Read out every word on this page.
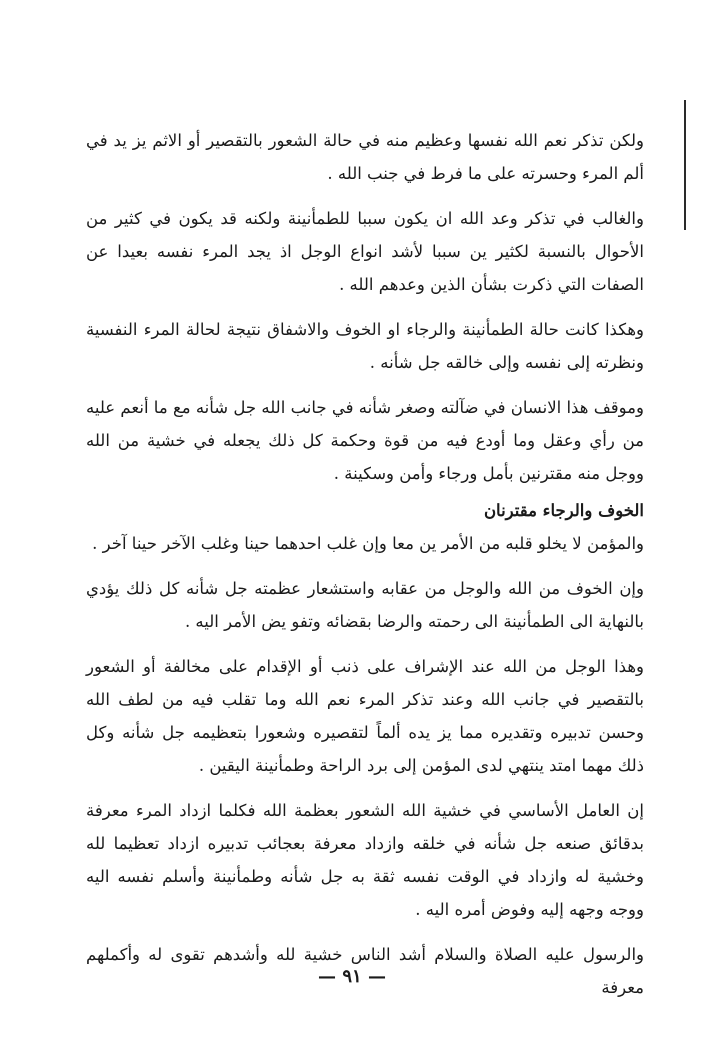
ولكن تذكر نعم الله نفسها وعظيم منه في حالة الشعور بالتقصير أو الاثم يز يد في ألم المرء وحسرته على ما فرط في جنب الله .

والغالب في تذكر وعد الله ان يكون سببا للطمأنينة ولكنه قد يكون في كثير من الأحوال بالنسبة لكثير ين سببا لأشد انواع الوجل اذ يجد المرء نفسه بعيدا عن الصفات التي ذكرت بشأن الذين وعدهم الله .

وهكذا كانت حالة الطمأنينة والرجاء او الخوف والاشفاق نتيجة لحالة المرء النفسية ونظرته إلى نفسه وإلى خالقه جل شأنه .

وموقف هذا الانسان في ضآلته وصغر شأنه في جانب الله جل شأنه مع ما أنعم عليه من رأي وعقل وما أودع فيه من قوة وحكمة كل ذلك يجعله في خشية من الله ووجل منه مقترنين بأمل ورجاء وأمن وسكينة .

الخوف والرجاء مقترنان

والمؤمن لا يخلو قلبه من الأمر ين معا وإن غلب احدهما حينا وغلب الآخر حينا آخر .

وإن الخوف من الله والوجل من عقابه واستشعار عظمته جل شأنه كل ذلك يؤدي بالنهاية الى الطمأنينة الى رحمته والرضا بقضائه وتفو يض الأمر اليه .

وهذا الوجل من الله عند الإشراف على ذنب أو الإقدام على مخالفة أو الشعور بالتقصير في جانب الله وعند تذكر المرء نعم الله وما تقلب فيه من لطف الله وحسن تدبيره وتقديره مما يز يده ألماً لتقصيره وشعورا بتعظيمه جل شأنه وكل ذلك مهما امتد ينتهي لدى المؤمن إلى برد الراحة وطمأنينة اليقين .

إن العامل الأساسي في خشية الله الشعور بعظمة الله فكلما ازداد المرء معرفة بدقائق صنعه جل شأنه في خلقه وازداد معرفة بعجائب تدبيره ازداد تعظيما لله وخشية له وازداد في الوقت نفسه ثقة به جل شأنه وطمأنينة وأسلم نفسه اليه ووجه وجهه إليه وفوض أمره اليه .

والرسول عليه الصلاة والسلام أشد الناس خشية لله وأشدهم تقوى له وأكملهم معرفة

— ٩١ —
